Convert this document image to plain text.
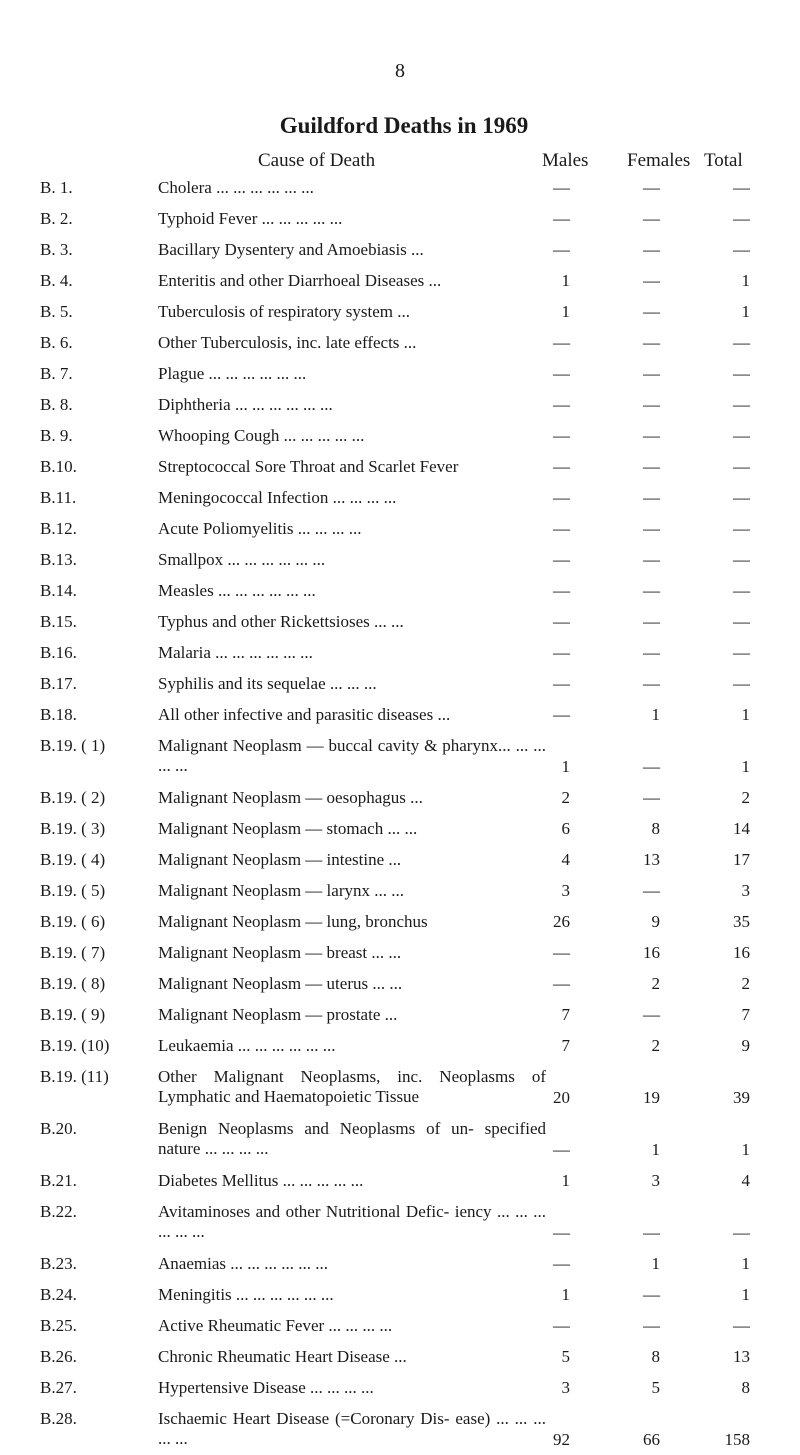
8
Guildford Deaths in 1969
Cause of Death	Males Females Total
B. 1.	Cholera ... ... ... ... ... ...	—	—	—
B. 2.	Typhoid Fever ... ... ... ... ...	—	—	—
B. 3.	Bacillary Dysentery and Amoebiasis ...	—	—	—
B. 4.	Enteritis and other Diarrhoeal Diseases ...	1	—	1
B. 5.	Tuberculosis of respiratory system ...	1	—	1
B. 6.	Other Tuberculosis, inc. late effects ...	—	—	—
B. 7.	Plague ... ... ... ... ... ...	—	—	—
B. 8.	Diphtheria ... ... ... ... ... ...	—	—	—
B. 9.	Whooping Cough ... ... ... ... ...	—	—	—
B.10.	Streptococcal Sore Throat and Scarlet Fever	—	—	—
B.11.	Meningococcal Infection ... ... ... ...	—	—	—
B.12.	Acute Poliomyelitis ... ... ... ...	—	—	—
B.13.	Smallpox ... ... ... ... ... ...	—	—	—
B.14.	Measles ... ... ... ... ... ...	—	—	—
B.15.	Typhus and other Rickettsioses ... ...	—	—	—
B.16.	Malaria ... ... ... ... ... ...	—	—	—
B.17.	Syphilis and its sequelae ... ... ...	—	—	—
B.18.	All other infective and parasitic diseases ...	—	1	1
B.19. ( 1)	Malignant Neoplasm — buccal cavity & pharynx... ... ... ... ...	1	—	1
B.19. ( 2)	Malignant Neoplasm — oesophagus ...	2	—	2
B.19. ( 3)	Malignant Neoplasm — stomach ... ...	6	8	14
B.19. ( 4)	Malignant Neoplasm — intestine ...	4	13	17
B.19. ( 5)	Malignant Neoplasm — larynx ... ...	3	—	3
B.19. ( 6)	Malignant Neoplasm — lung, bronchus	26	9	35
B.19. ( 7)	Malignant Neoplasm — breast ... ...	—	16	16
B.19. ( 8)	Malignant Neoplasm — uterus ... ...	—	2	2
B.19. ( 9)	Malignant Neoplasm — prostate ...	7	—	7
B.19. (10)	Leukaemia ... ... ... ... ... ...	7	2	9
B.19. (11)	Other Malignant Neoplasms, inc. Neoplasms of Lymphatic and Haematopoietic Tissue	20	19	39
B.20.	Benign Neoplasms and Neoplasms of un- specified nature ... ... ... ...	—	1	1
B.21.	Diabetes Mellitus ... ... ... ... ...	1	3	4
B.22.	Avitaminoses and other Nutritional Defic- iency ... ... ... ... ... ...	—	—	—
B.23.	Anaemias ... ... ... ... ... ...	—	1	1
B.24.	Meningitis ... ... ... ... ... ...	1	—	1
B.25.	Active Rheumatic Fever ... ... ... ...	—	—	—
B.26.	Chronic Rheumatic Heart Disease ...	5	8	13
B.27.	Hypertensive Disease ... ... ... ...	3	5	8
B.28.	Ischaemic Heart Disease (=Coronary Dis- ease) ... ... ... ... ...	92	66	158
